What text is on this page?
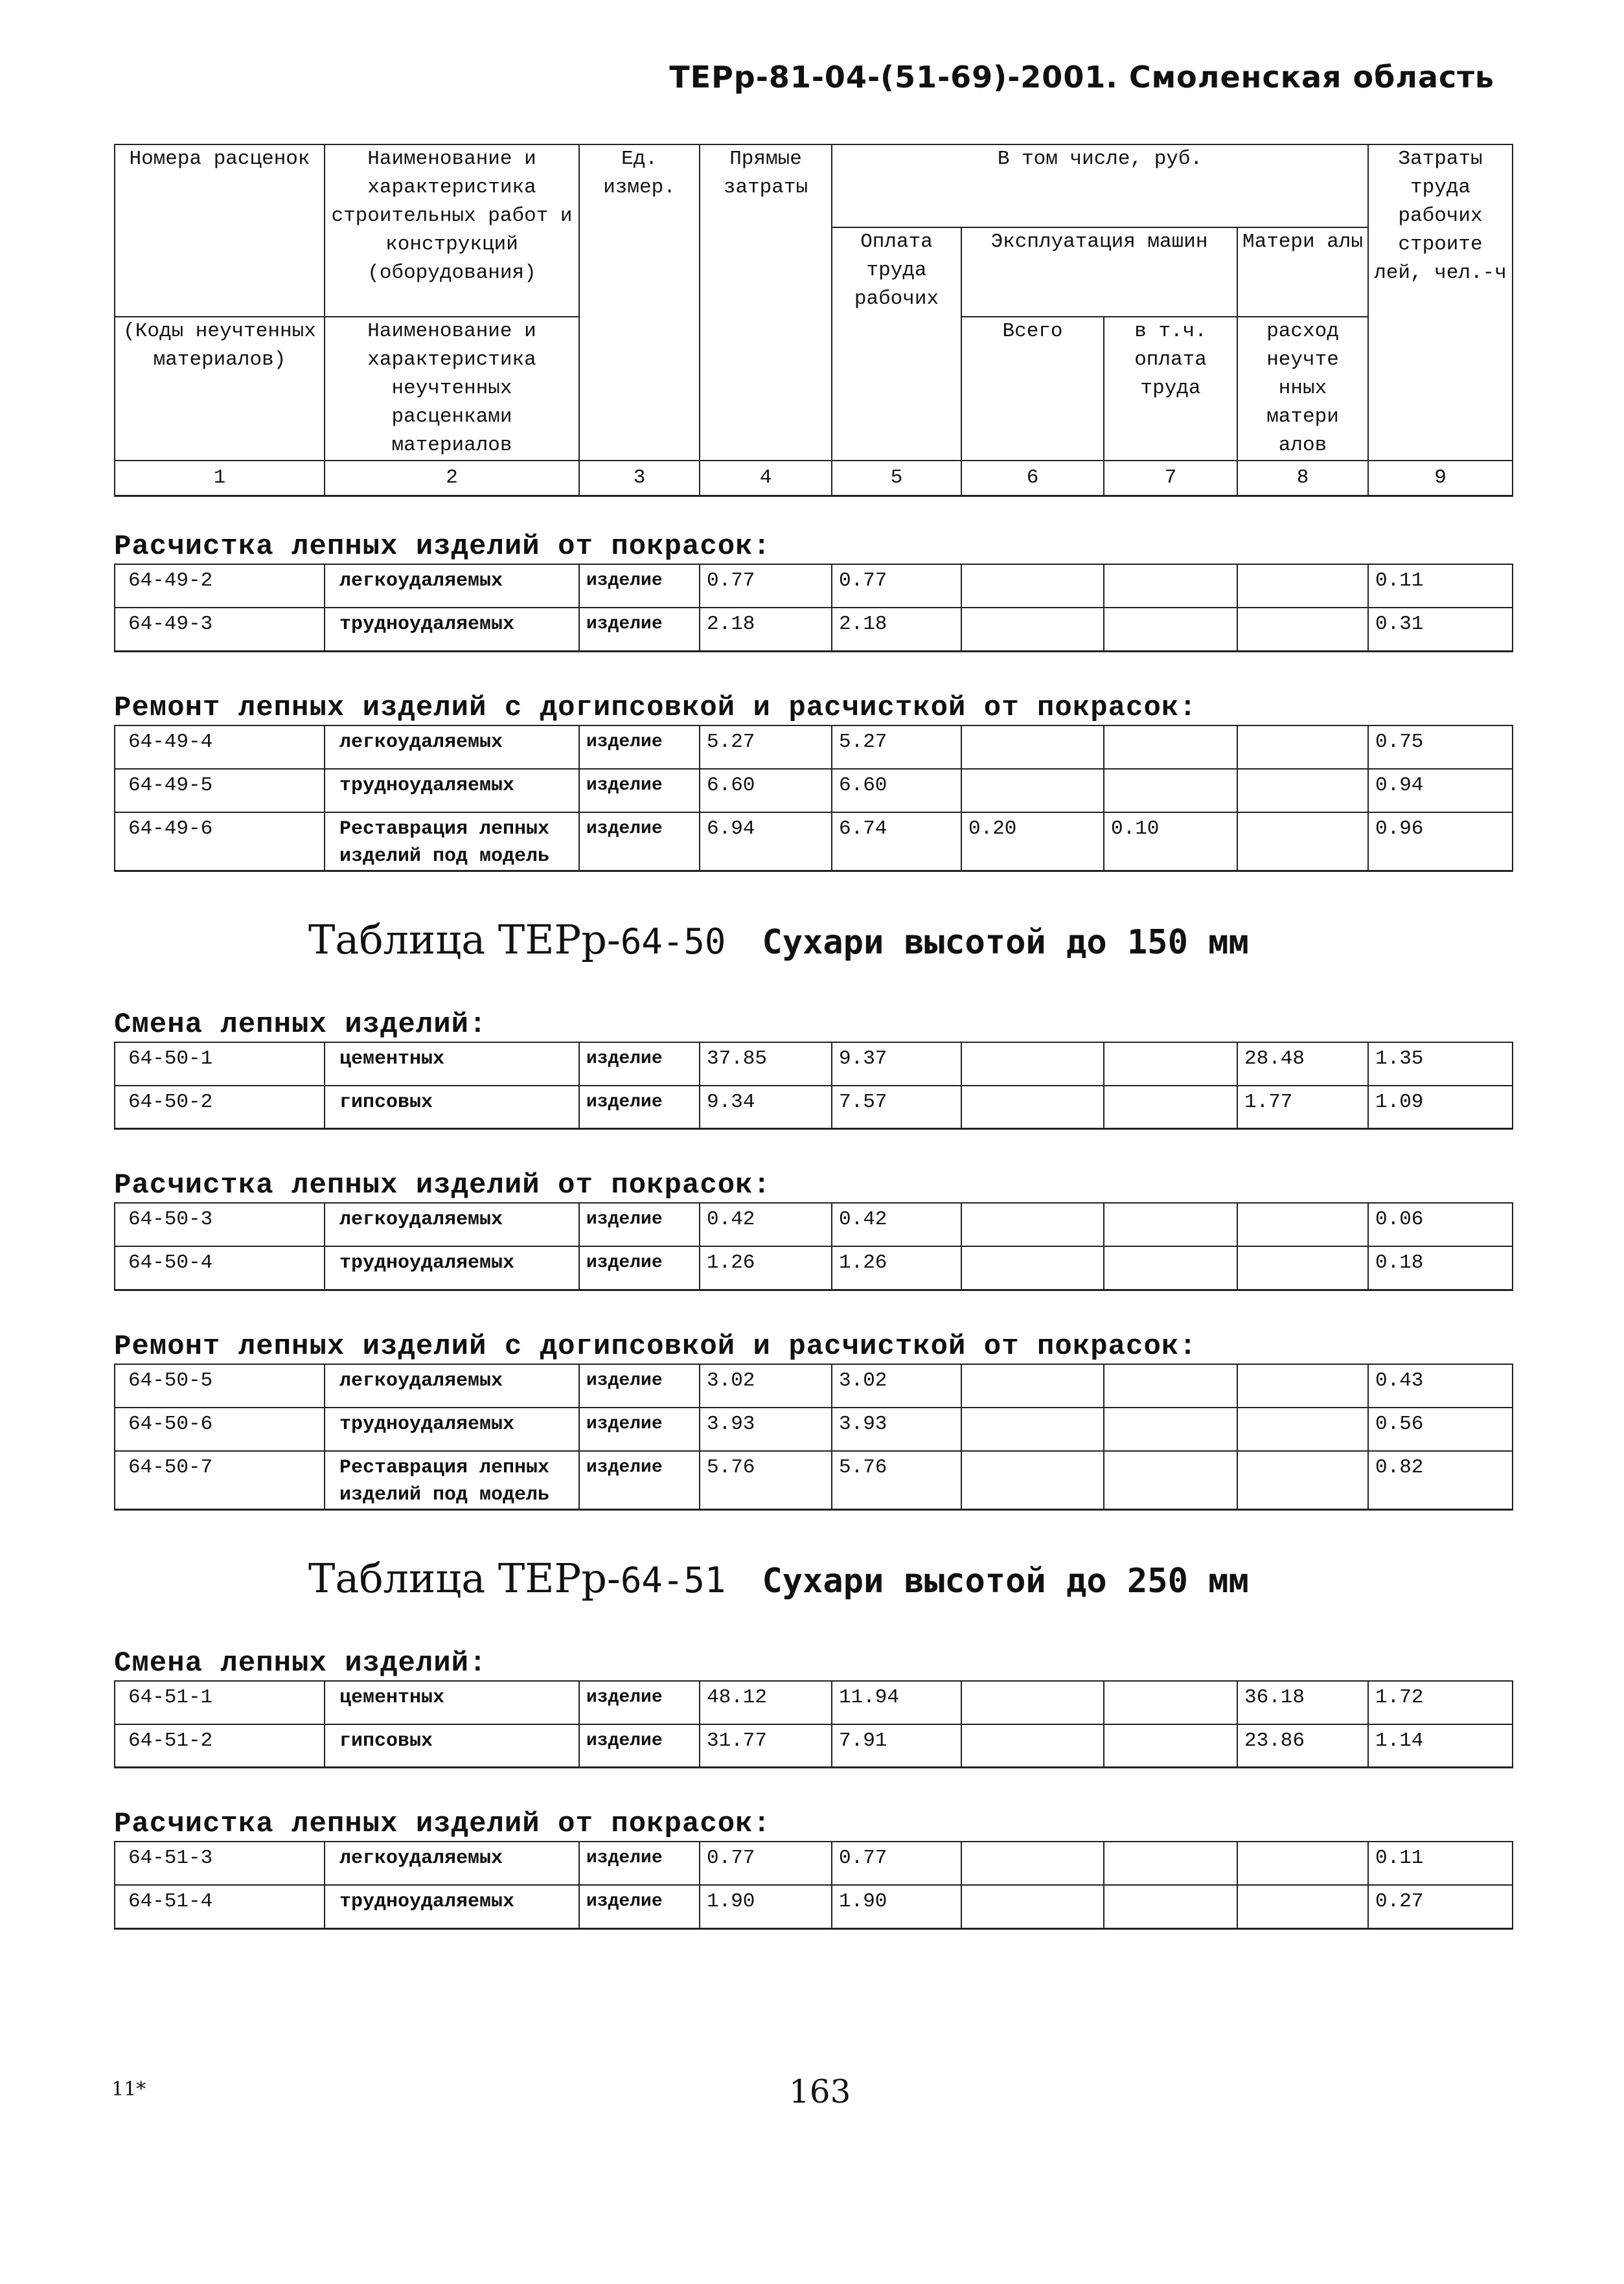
ТЕРр-81-04-(51-69)-2001. Смоленская область
Номера расценок	Наименование и характеристика строительных работ и конструкций (оборудования)	Ед. измер.	Прямые затраты	В том числе, руб.				Затраты труда рабочих строите лей, чел.-ч
				Оплата труда рабочих	Эксплуатация машин		Матери алы	
(Коды неучтенных материалов)	Наименование и характеристика неучтенных расценками материалов				Всего	в т.ч. оплата труда		
							расход неучте нных матери алов	
1	2	3	4	5	6	7	8	9
Расчистка лепных изделий от покрасок:
64-49-2	легкоудаляемых	изделие	0.77	0.77				0.11
64-49-3	трудноудаляемых	изделие	2.18	2.18				0.31
Ремонт лепных изделий с догипсовкой и расчисткой от покрасок:
64-49-4	легкоудаляемых	изделие	5.27	5.27				0.75
64-49-5	трудноудаляемых	изделие	6.60	6.60				0.94
64-49-6	Реставрация лепных изделий под модель	изделие	6.94	6.74	0.20	0.10		0.96
Таблица ТЕРр-64-50 Сухари высотой до 150 мм
Смена лепных изделий:
64-50-1	цементных	изделие	37.85	9.37			28.48	1.35
64-50-2	гипсовых	изделие	9.34	7.57			1.77	1.09
Расчистка лепных изделий от покрасок:
64-50-3	легкоудаляемых	изделие	0.42	0.42				0.06
64-50-4	трудноудаляемых	изделие	1.26	1.26				0.18
Ремонт лепных изделий с догипсовкой и расчисткой от покрасок:
64-50-5	легкоудаляемых	изделие	3.02	3.02				0.43
64-50-6	трудноудаляемых	изделие	3.93	3.93				0.56
64-50-7	Реставрация лепных изделий под модель	изделие	5.76	5.76				0.82
Таблица ТЕРр-64-51 Сухари высотой до 250 мм
Смена лепных изделий:
64-51-1	цементных	изделие	48.12	11.94			36.18	1.72
64-51-2	гипсовых	изделие	31.77	7.91			23.86	1.14
Расчистка лепных изделий от покрасок:
64-51-3	легкоудаляемых	изделие	0.77	0.77				0.11
64-51-4	трудноудаляемых	изделие	1.90	1.90				0.27
11*	163
